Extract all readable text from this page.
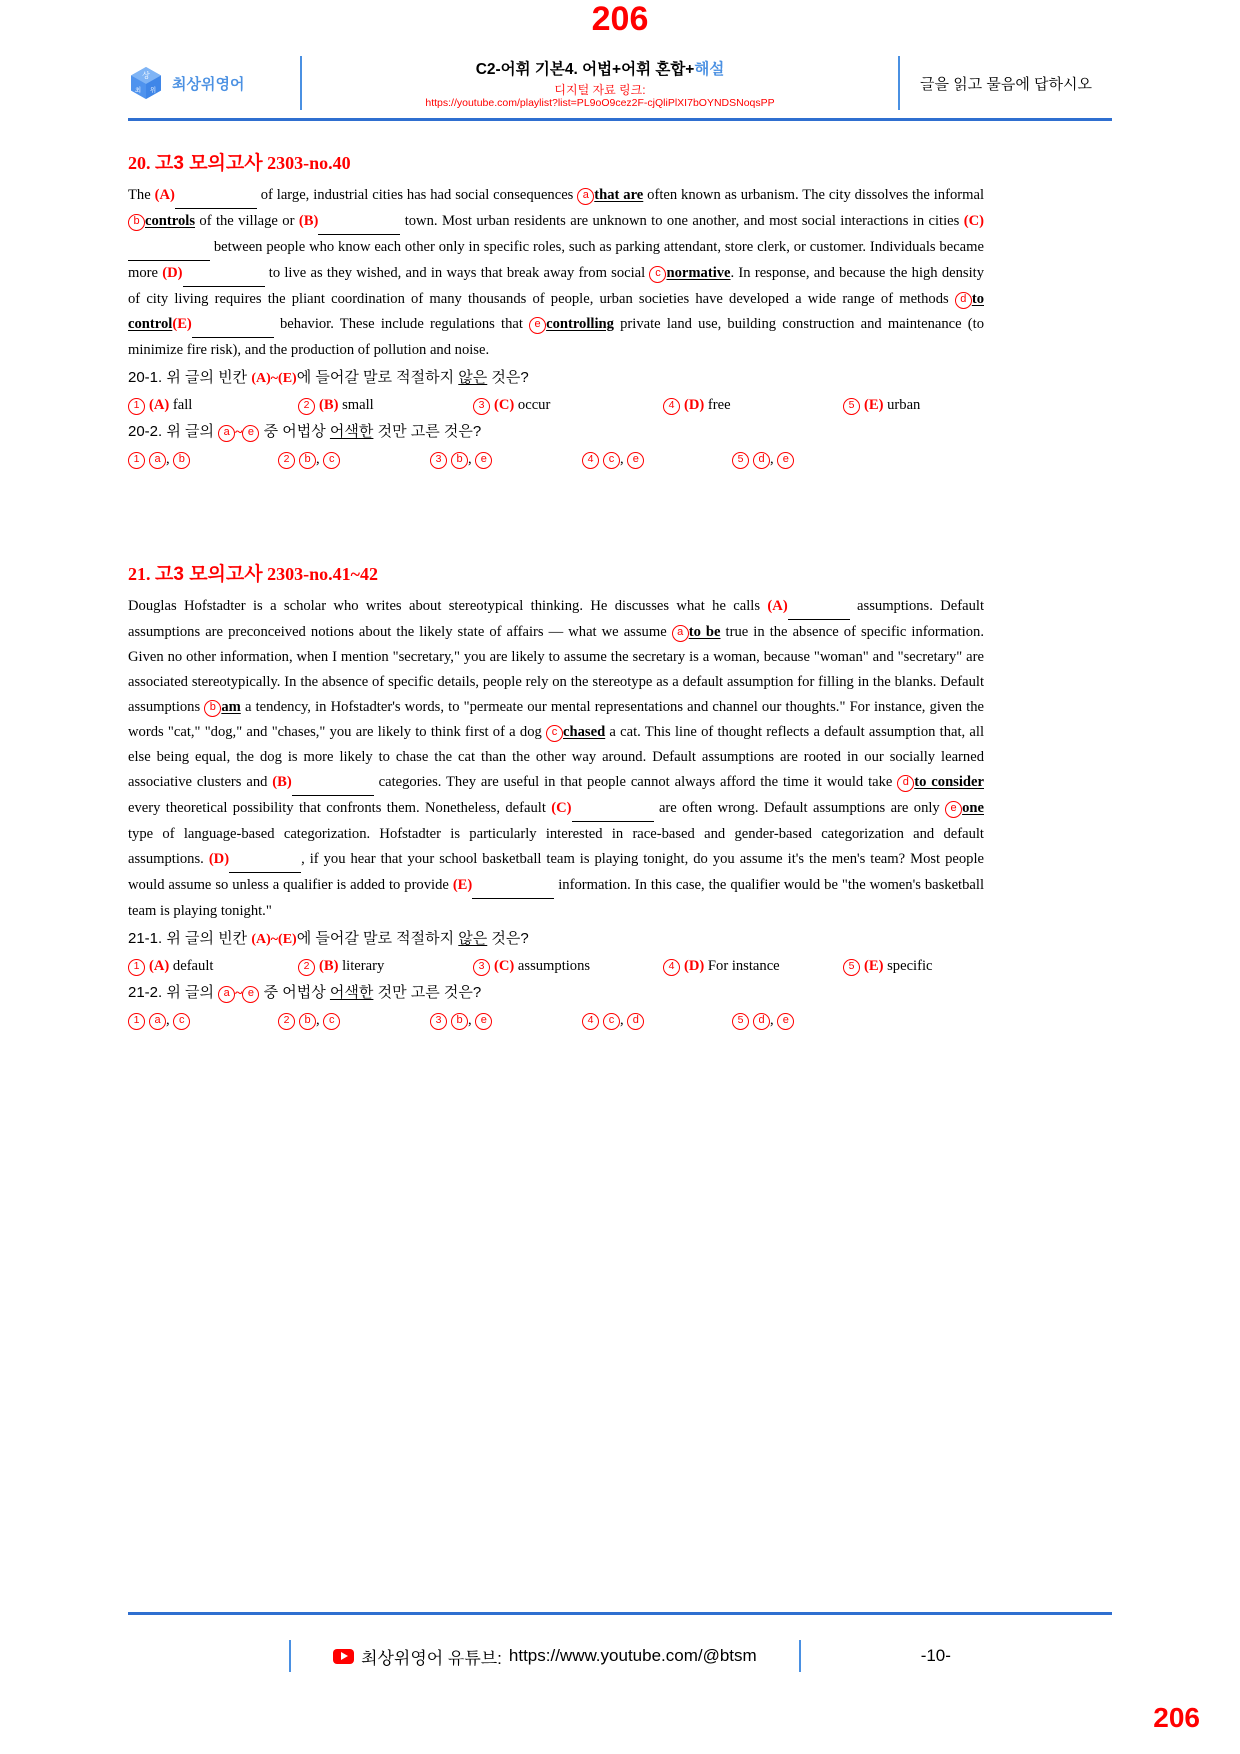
206
상
최 위 최상위영어
C2-어휘 기본4. 어법+어휘 혼합+해설
디지털 자료 링크:
https://youtube.com/playlist?list=PL9oO9cez2F-cjQliPlXI7bOYNDSNoqsPP
글을 읽고 물음에 답하시오
20. 고3 모의고사 2303-no.40

The (A)	of large, industrial cities has had social consequences a that are often known as urbanism. The city dissolves the informal b controls of the village or (B)	town. Most urban residents are unknown to one another, and most social interactions in cities (C)  between people who know each other only in specific roles, such as parking attendant, store clerk, or customer. Individuals became more (D)	to live as they wished, and in ways that break away from social c normative. In response, and because the high density of city living requires the pliant coordination of many thousands of people, urban societies have developed a wide range of methods d to control(E)	behavior. These include regulations that e controlling private land use, building construction and maintenance (to minimize fire risk), and the production of pollution and noise.

20-1. 위 글의 빈칸 (A)~(E)에 들어갈 말로 적절하지 않은 것은?
1 (A) fall	2 (B) small	3 (C) occur	4 (D) free	5 (E) urban
20-2. 위 글의 a ~ e 중 어법상 어색한 것만 고른 것은?
1 a , b	2 b , c	3 b , e	4 c , e	5 d , e
21. 고3 모의고사 2303-no.41~42

Douglas Hofstadter is a scholar who writes about stereotypical thinking. He discusses what he calls (A)	assumptions. Default assumptions are preconceived notions about the likely state of affairs — what we assume a to be true in the absence of specific information. Given no other information, when I mention "secretary," you are likely to assume the secretary is a woman, because "woman" and "secretary" are associated stereotypically. In the absence of specific details, people rely on the stereotype as a default assumption for filling in the blanks. Default assumptions b am a tendency, in Hofstadter's words, to "permeate our mental representations and channel our thoughts." For instance, given the words "cat," "dog," and "chases," you are likely to think first of a dog c chased a cat. This line of thought reflects a default assumption that, all else being equal, the dog is more likely to chase the cat than the other way around. Default assumptions are rooted in our socially learned associative clusters and (B)	categories. They are useful in that people cannot always afford the time it would take d to consider every theoretical possibility that confronts them. Nonetheless, default (C)	are often wrong. Default assumptions are only e one type of language-based categorization. Hofstadter is particularly interested in race-based and gender-based categorization and default assumptions. (D)	, if you hear that your school basketball team is playing tonight, do you assume it's the men's team? Most people would assume so unless a qualifier is added to provide (E)	information. In this case, the qualifier would be "the women's basketball team is playing tonight."

21-1. 위 글의 빈칸 (A)~(E)에 들어갈 말로 적절하지 않은 것은?
1 (A) default	2 (B) literary	3 (C) assumptions	4 (D) For instance	5 (E) specific
21-2. 위 글의 a ~ e 중 어법상 어색한 것만 고른 것은?
1 a , c	2 b , c	3 b , e	4 c , d	5 d , e
최상위영어 유튜브: https://www.youtube.com/@btsm	-10-
206
